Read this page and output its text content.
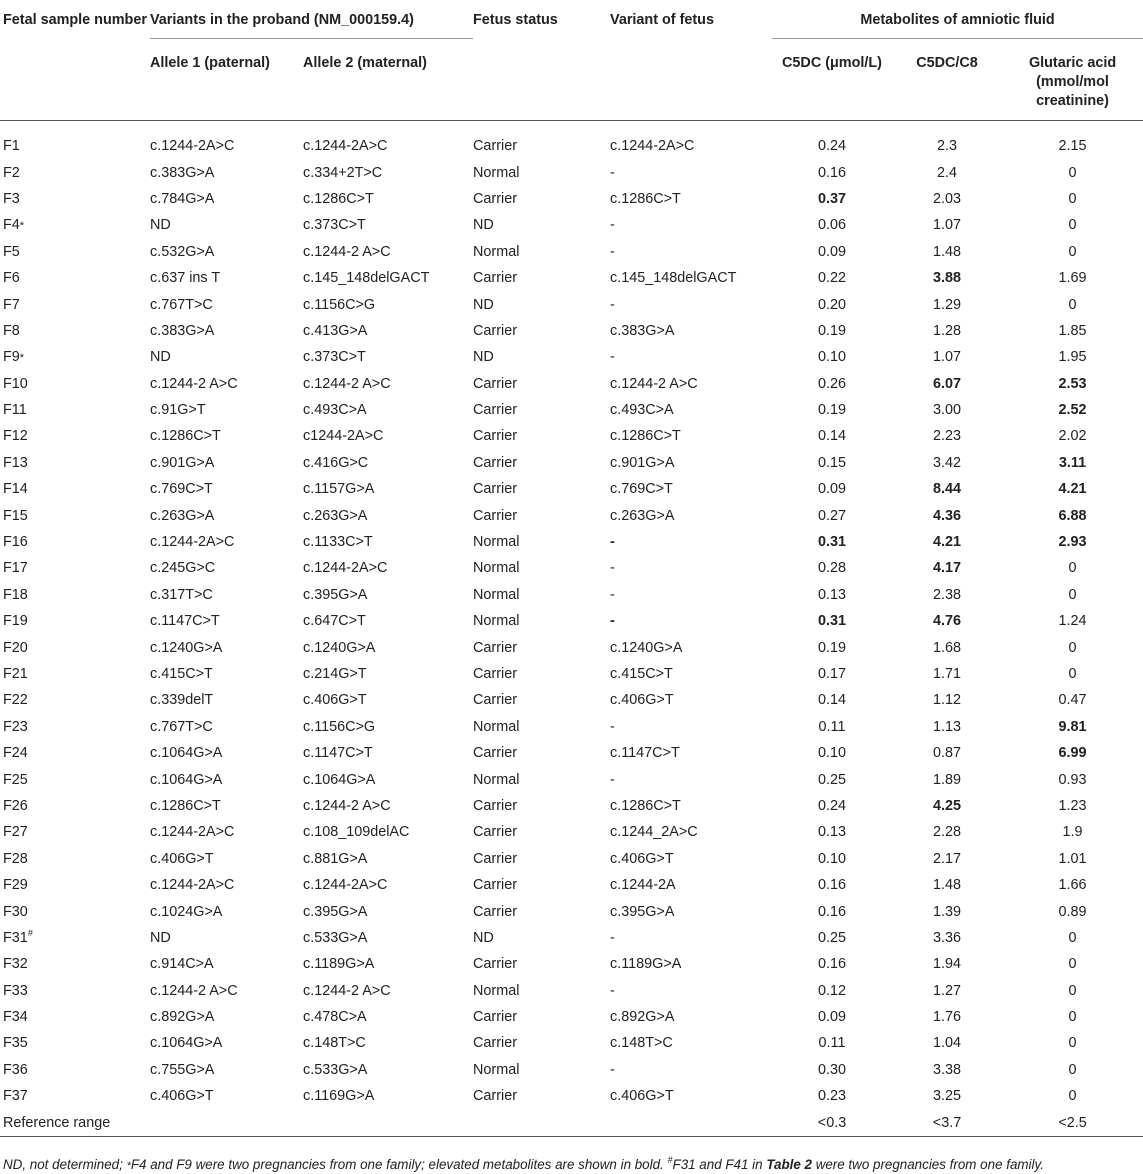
Fetal sample number	Variants in the proband (NM_000159.4)		Fetus status	Variant of fetus	Metabolites of amniotic fluid		

	Allele 1 (paternal)	Allele 2 (maternal)			C5DC (μmol/L)	C5DC/C8	Glutaric acid (mmol/mol creatinine)
F1	c.1244-2A>C	c.1244-2A>C	Carrier	c.1244-2A>C	0.24	2.3	2.15
F2	c.383G>A	c.334+2T>C	Normal	-	0.16	2.4	0
F3	c.784G>A	c.1286C>T	Carrier	c.1286C>T	0.37	2.03	0
F4*	ND	c.373C>T	ND	-	0.06	1.07	0
F5	c.532G>A	c.1244-2 A>C	Normal	-	0.09	1.48	0
F6	c.637 ins T	c.145_148delGACT	Carrier	c.145_148delGACT	0.22	3.88	1.69
F7	c.767T>C	c.1156C>G	ND	-	0.20	1.29	0
F8	c.383G>A	c.413G>A	Carrier	c.383G>A	0.19	1.28	1.85
F9*	ND	c.373C>T	ND	-	0.10	1.07	1.95
F10	c.1244-2 A>C	c.1244-2 A>C	Carrier	c.1244-2 A>C	0.26	6.07	2.53
F11	c.91G>T	c.493C>A	Carrier	c.493C>A	0.19	3.00	2.52
F12	c.1286C>T	c1244-2A>C	Carrier	c.1286C>T	0.14	2.23	2.02
F13	c.901G>A	c.416G>C	Carrier	c.901G>A	0.15	3.42	3.11
F14	c.769C>T	c.1157G>A	Carrier	c.769C>T	0.09	8.44	4.21
F15	c.263G>A	c.263G>A	Carrier	c.263G>A	0.27	4.36	6.88
F16	c.1244-2A>C	c.1133C>T	Normal	-	0.31	4.21	2.93
F17	c.245G>C	c.1244-2A>C	Normal	-	0.28	4.17	0
F18	c.317T>C	c.395G>A	Normal	-	0.13	2.38	0
F19	c.1147C>T	c.647C>T	Normal	-	0.31	4.76	1.24
F20	c.1240G>A	c.1240G>A	Carrier	c.1240G>A	0.19	1.68	0
F21	c.415C>T	c.214G>T	Carrier	c.415C>T	0.17	1.71	0
F22	c.339delT	c.406G>T	Carrier	c.406G>T	0.14	1.12	0.47
F23	c.767T>C	c.1156C>G	Normal	-	0.11	1.13	9.81
F24	c.1064G>A	c.1147C>T	Carrier	c.1147C>T	0.10	0.87	6.99
F25	c.1064G>A	c.1064G>A	Normal	-	0.25	1.89	0.93
F26	c.1286C>T	c.1244-2 A>C	Carrier	c.1286C>T	0.24	4.25	1.23
F27	c.1244-2A>C	c.108_109delAC	Carrier	c.1244_2A>C	0.13	2.28	1.9
F28	c.406G>T	c.881G>A	Carrier	c.406G>T	0.10	2.17	1.01
F29	c.1244-2A>C	c.1244-2A>C	Carrier	c.1244-2A	0.16	1.48	1.66
F30	c.1024G>A	c.395G>A	Carrier	c.395G>A	0.16	1.39	0.89
F31#	ND	c.533G>A	ND	-	0.25	3.36	0
F32	c.914C>A	c.1189G>A	Carrier	c.1189G>A	0.16	1.94	0
F33	c.1244-2 A>C	c.1244-2 A>C	Normal	-	0.12	1.27	0
F34	c.892G>A	c.478C>A	Carrier	c.892G>A	0.09	1.76	0
F35	c.1064G>A	c.148T>C	Carrier	c.148T>C	0.11	1.04	0
F36	c.755G>A	c.533G>A	Normal	-	0.30	3.38	0
F37	c.406G>T	c.1169G>A	Carrier	c.406G>T	0.23	3.25	0
Reference range					<0.3	<3.7	<2.5
ND, not determined; *F4 and F9 were two pregnancies from one family; elevated metabolites are shown in bold. #F31 and F41 in Table 2 were two pregnancies from one family.
